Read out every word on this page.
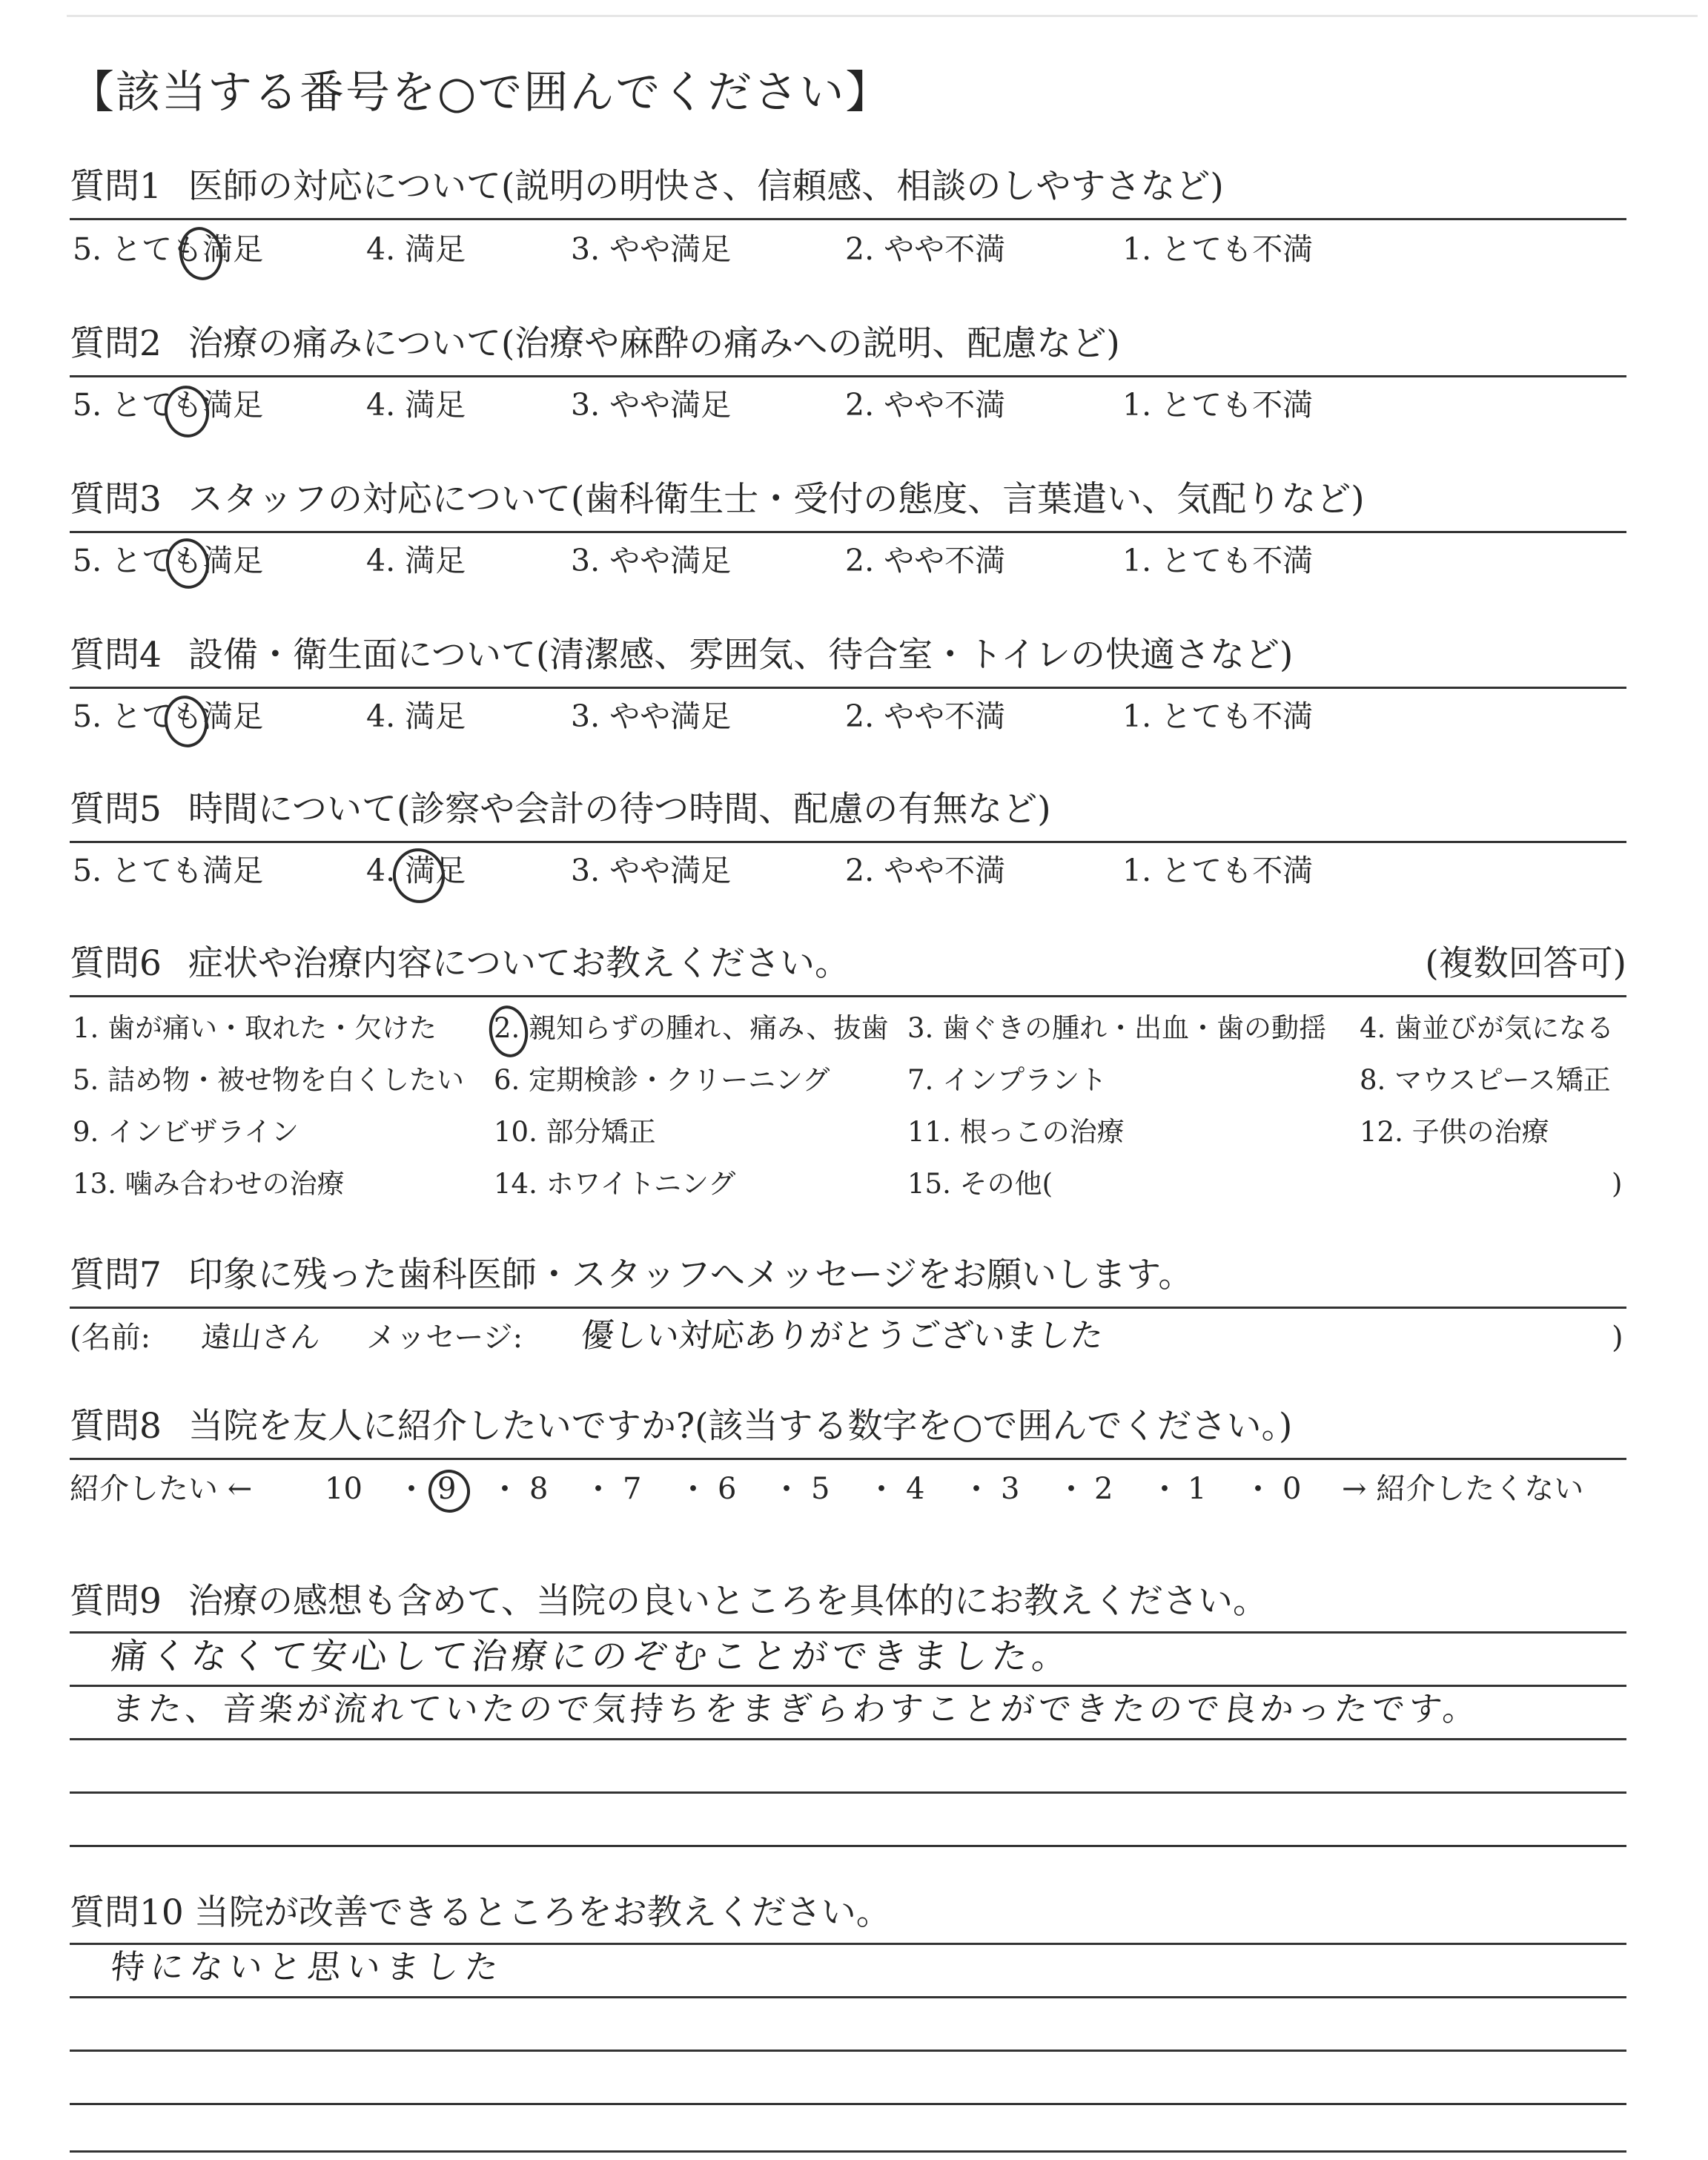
【該当する番号を○で囲んでください】
質問1 医師の対応について(説明の明快さ、信頼感、相談のしやすさなど)
5. とても満足	4. 満足	3. やや満足	2. やや不満	1. とても不満
質問2 治療の痛みについて(治療や麻酔の痛みへの説明、配慮など)
5. とても満足	4. 満足	3. やや満足	2. やや不満	1. とても不満
質問3 スタッフの対応について(歯科衛生士・受付の態度、言葉遣い、気配りなど)
5. とても満足	4. 満足	3. やや満足	2. やや不満	1. とても不満
質問4 設備・衛生面について(清潔感、雰囲気、待合室・トイレの快適さなど)
5. とても満足	4. 満足	3. やや満足	2. やや不満	1. とても不満
質問5 時間について(診察や会計の待つ時間、配慮の有無など)
5. とても満足	4. 満足	3. やや満足	2. やや不満	1. とても不満
質問6 症状や治療内容についてお教えください。	(複数回答可)
1. 歯が痛い・取れた・欠けた 2. 親知らずの腫れ、痛み、抜歯 3. 歯ぐきの腫れ・出血・歯の動揺 4. 歯並びが気になる
5. 詰め物・被せ物を白くしたい 6. 定期検診・クリーニング	7. インプラント	8. マウスピース矯正
9. インビザライン	10. 部分矯正	11. 根っこの治療	12. 子供の治療
13. 噛み合わせの治療	14. ホワイトニング	15. その他(	)
質問7 印象に残った歯科医師・スタッフへメッセージをお願いします。
(名前: 遠山さん メッセージ: 優しい対応ありがとうございました	)
質問8 当院を友人に紹介したいですか?(該当する数字を○で囲んでください。)
紹介したい ← 10 ・ 9 ・ 8 ・ 7 ・ 6 ・ 5 ・ 4 ・ 3 ・ 2 ・ 1 ・ 0 → 紹介したくない
質問9 治療の感想も含めて、当院の良いところを具体的にお教えください。
痛くなくて安心して治療にのぞむことができました。
また、音楽が流れていたので気持ちをまぎらわすことができたので良かったです。
質問10 当院が改善できるところをお教えください。
特にないと思いました
